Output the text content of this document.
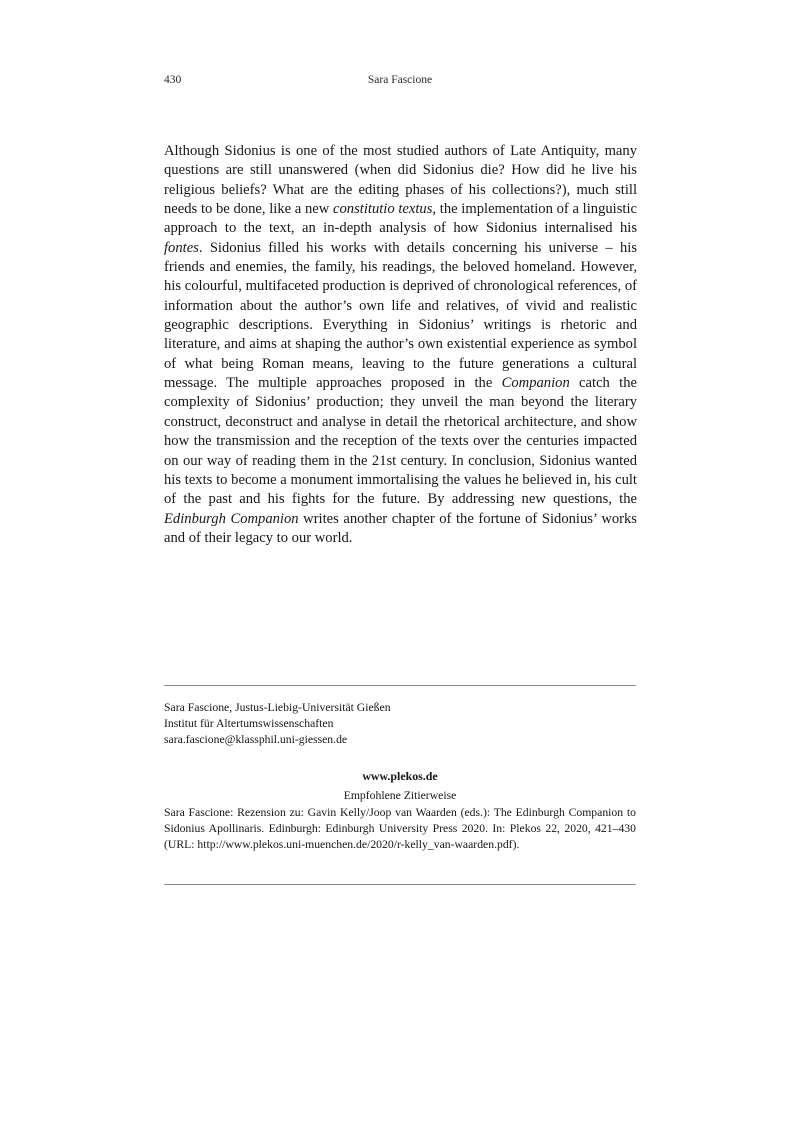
430	Sara Fascione

Although Sidonius is one of the most studied authors of Late Antiquity, many questions are still unanswered (when did Sidonius die? How did he live his religious beliefs? What are the editing phases of his collections?), much still needs to be done, like a new constitutio textus, the implementation of a linguistic approach to the text, an in-depth analysis of how Sidonius internalised his fontes. Sidonius filled his works with details concerning his universe – his friends and enemies, the family, his readings, the beloved homeland. However, his colourful, multifaceted production is deprived of chronological references, of information about the author’s own life and relatives, of vivid and realistic geographic descriptions. Everything in Sidonius’ writings is rhetoric and literature, and aims at shaping the author’s own existential experience as symbol of what being Roman means, leaving to the future generations a cultural message. The multiple approaches proposed in the Companion catch the complexity of Sidonius’ production; they unveil the man beyond the literary construct, deconstruct and analyse in detail the rhetorical architecture, and show how the transmission and the reception of the texts over the centuries impacted on our way of reading them in the 21st century. In conclusion, Sidonius wanted his texts to become a monument immortalising the values he believed in, his cult of the past and his fights for the future. By addressing new questions, the Edinburgh Companion writes another chapter of the fortune of Sidonius’ works and of their legacy to our world.

Sara Fascione, Justus-Liebig-Universität Gießen
Institut für Altertumswissenschaften
sara.fascione@klassphil.uni-giessen.de
www.plekos.de
Empfohlene Zitierweise
Sara Fascione: Rezension zu: Gavin Kelly/Joop van Waarden (eds.): The Edinburgh Companion to Sidonius Apollinaris. Edinburgh: Edinburgh University Press 2020. In: Plekos 22, 2020, 421–430 (URL: http://www.plekos.uni-muenchen.de/2020/r-kelly_van-waarden.pdf).
